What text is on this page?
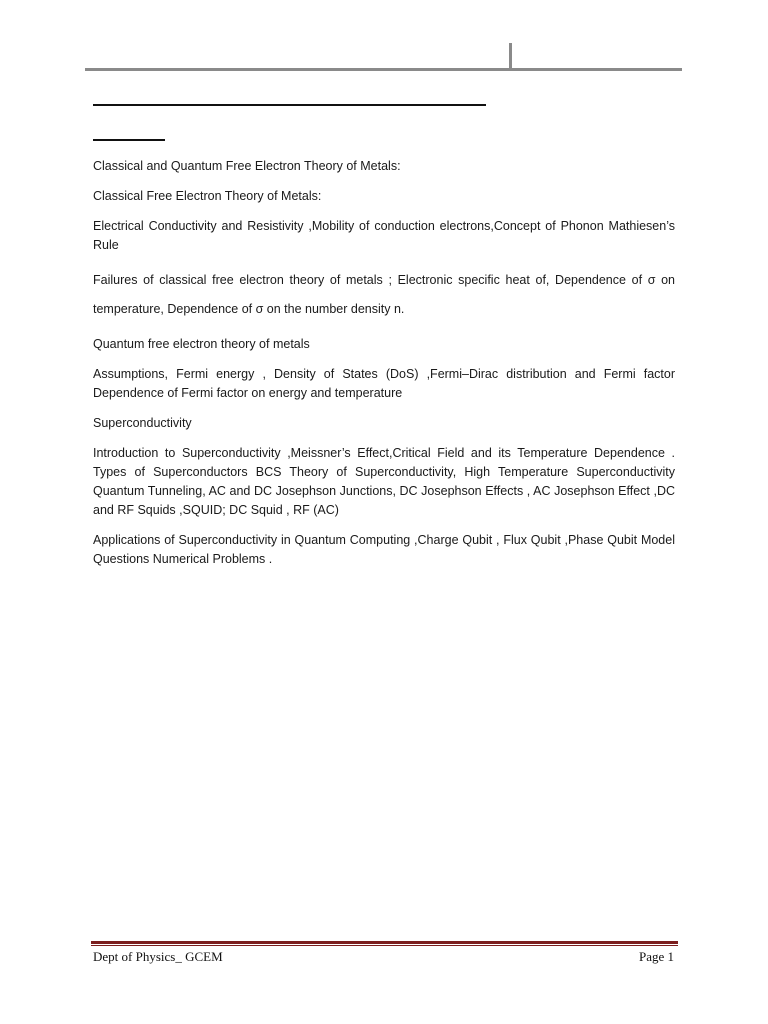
Classical and Quantum Free Electron Theory of Metals:

Classical Free Electron Theory of Metals:

Electrical Conductivity and Resistivity ,Mobility of conduction electrons,Concept of Phonon Mathiesen’s Rule

Failures of classical free electron theory of metals ; Electronic specific heat of, Dependence of σ on temperature, Dependence of σ on the number density n.

Quantum free electron theory of metals

Assumptions, Fermi energy , Density of States (DoS) ,Fermi–Dirac distribution and Fermi factor Dependence of Fermi factor on energy and temperature

Superconductivity

Introduction to Superconductivity ,Meissner’s Effect,Critical Field and its Temperature Dependence . Types of Superconductors BCS Theory of Superconductivity, High Temperature Superconductivity Quantum Tunneling, AC and DC Josephson Junctions, DC Josephson Effects , AC Josephson Effect ,DC and RF Squids ,SQUID; DC Squid , RF (AC)

Applications of Superconductivity in Quantum Computing ,Charge Qubit , Flux Qubit ,Phase Qubit Model Questions Numerical Problems .

Dept of Physics_ GCEM	Page 1
